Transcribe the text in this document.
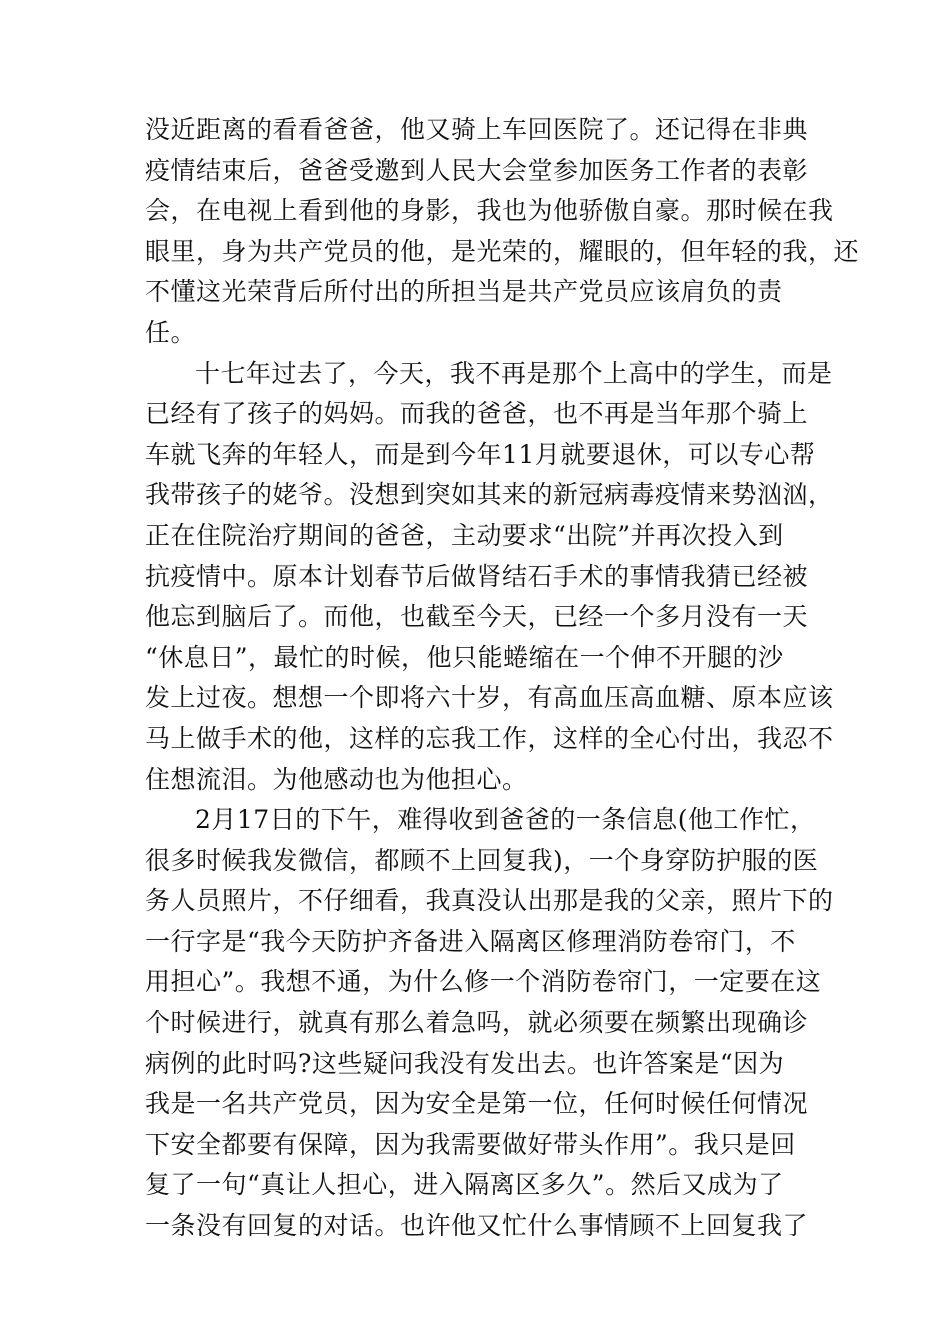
没近距离的看看爸爸，他又骑上车回医院了。还记得在非典
疫情结束后，爸爸受邀到人民大会堂参加医务工作者的表彰
会，在电视上看到他的身影，我也为他骄傲自豪。那时候在我
眼里，身为共产党员的他，是光荣的，耀眼的，但年轻的我，还
不懂这光荣背后所付出的所担当是共产党员应该肩负的责
任。
十七年过去了，今天，我不再是那个上高中的学生，而是
已经有了孩子的妈妈。而我的爸爸，也不再是当年那个骑上
车就飞奔的年轻人，而是到今年11月就要退休，可以专心帮
我带孩子的姥爷。没想到突如其来的新冠病毒疫情来势汹汹，
正在住院治疗期间的爸爸，主动要求“出院”并再次投入到
抗疫情中。原本计划春节后做肾结石手术的事情我猜已经被
他忘到脑后了。而他，也截至今天，已经一个多月没有一天
“休息日”，最忙的时候，他只能蜷缩在一个伸不开腿的沙
发上过夜。想想一个即将六十岁，有高血压高血糖、原本应该
马上做手术的他，这样的忘我工作，这样的全心付出，我忍不
住想流泪。为他感动也为他担心。
2月17日的下午，难得收到爸爸的一条信息(他工作忙，
很多时候我发微信，都顾不上回复我)，一个身穿防护服的医
务人员照片，不仔细看，我真没认出那是我的父亲，照片下的
一行字是“我今天防护齐备进入隔离区修理消防卷帘门，不
用担心”。我想不通，为什么修一个消防卷帘门，一定要在这
个时候进行，就真有那么着急吗，就必须要在频繁出现确诊
病例的此时吗?这些疑问我没有发出去。也许答案是“因为
我是一名共产党员，因为安全是第一位，任何时候任何情况
下安全都要有保障，因为我需要做好带头作用”。我只是回
复了一句“真让人担心，进入隔离区多久”。然后又成为了
一条没有回复的对话。也许他又忙什么事情顾不上回复我了
